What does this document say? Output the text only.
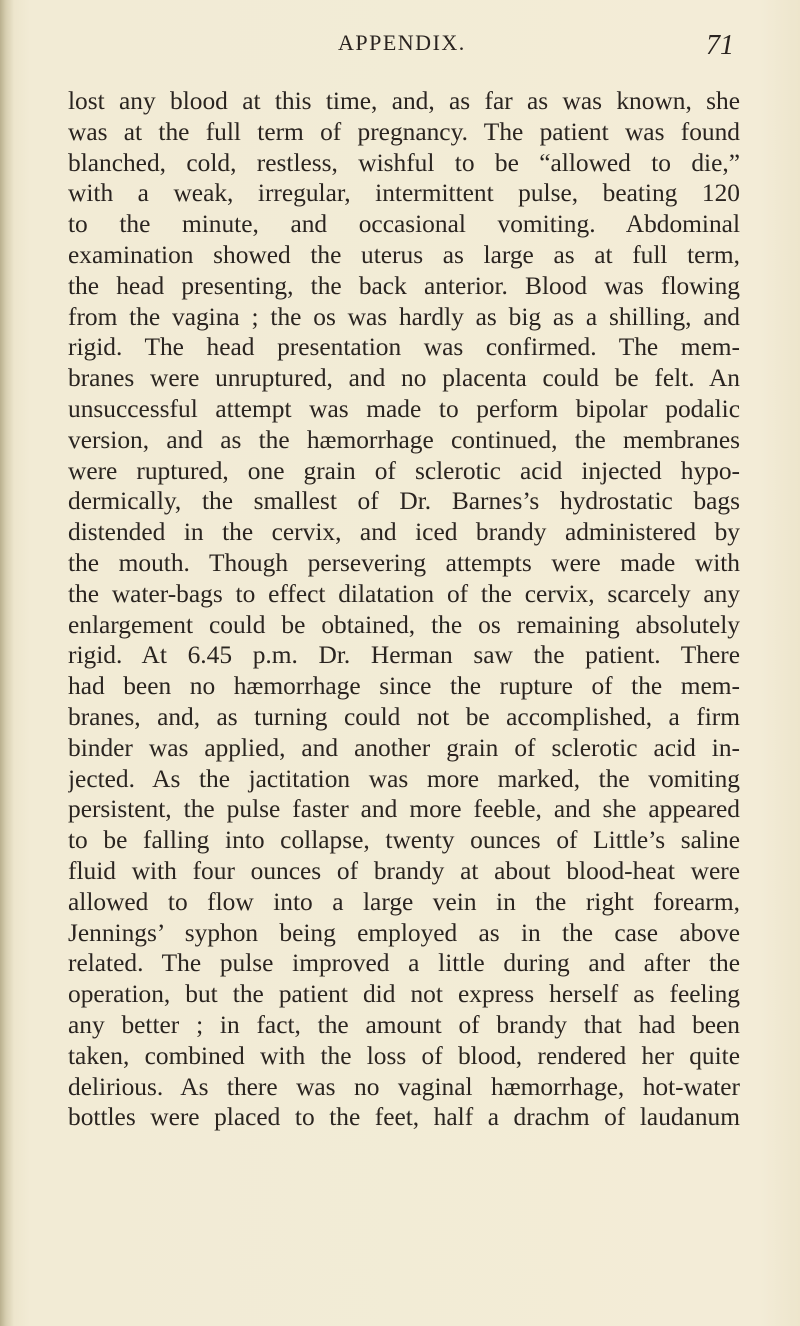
APPENDIX.	71
lost any blood at this time, and, as far as was known, she
was at the full term of pregnancy. The patient was found
blanched, cold, restless, wishful to be “allowed to die,”
with a weak, irregular, intermittent pulse, beating 120
to the minute, and occasional vomiting. Abdominal
examination showed the uterus as large as at full term,
the head presenting, the back anterior. Blood was flowing
from the vagina ; the os was hardly as big as a shilling, and
rigid. The head presentation was confirmed. The mem-
branes were unruptured, and no placenta could be felt. An
unsuccessful attempt was made to perform bipolar podalic
version, and as the hæmorrhage continued, the membranes
were ruptured, one grain of sclerotic acid injected hypo-
dermically, the smallest of Dr. Barnes’s hydrostatic bags
distended in the cervix, and iced brandy administered by
the mouth. Though persevering attempts were made with
the water-bags to effect dilatation of the cervix, scarcely any
enlargement could be obtained, the os remaining absolutely
rigid. At 6.45 p.m. Dr. Herman saw the patient. There
had been no hæmorrhage since the rupture of the mem-
branes, and, as turning could not be accomplished, a firm
binder was applied, and another grain of sclerotic acid in-
jected. As the jactitation was more marked, the vomiting
persistent, the pulse faster and more feeble, and she appeared
to be falling into collapse, twenty ounces of Little’s saline
fluid with four ounces of brandy at about blood-heat were
allowed to flow into a large vein in the right forearm,
Jennings’ syphon being employed as in the case above
related. The pulse improved a little during and after the
operation, but the patient did not express herself as feeling
any better ; in fact, the amount of brandy that had been
taken, combined with the loss of blood, rendered her quite
delirious. As there was no vaginal hæmorrhage, hot-water
bottles were placed to the feet, half a drachm of laudanum
